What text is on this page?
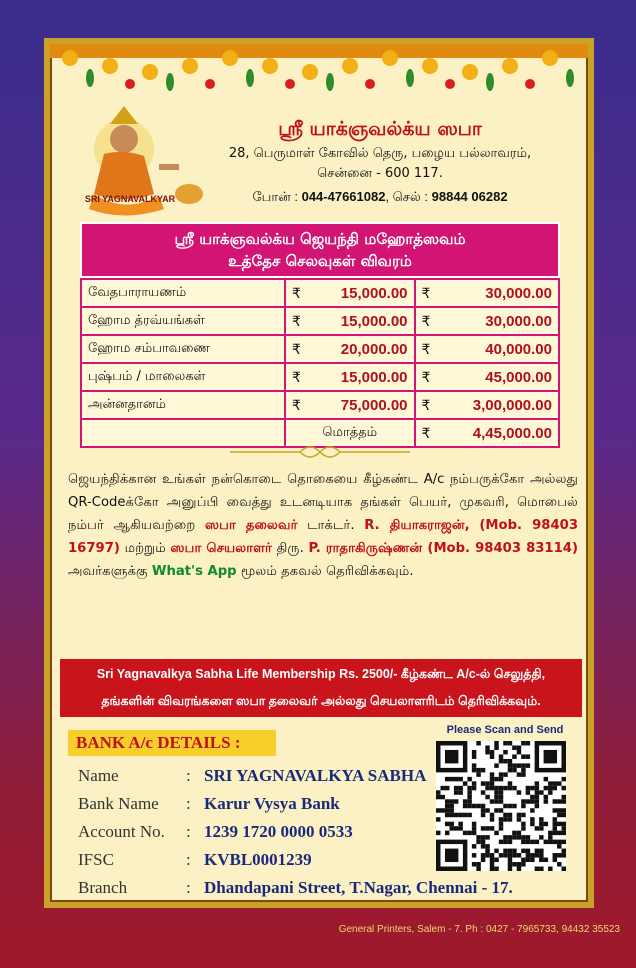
SRI YAGNAVALKYAR
ஸ்ரீ யாக்ஞவல்க்ய ஸபா
28, பெருமாள் கோவில் தெரு, பழைய பல்லாவரம்,
சென்னை - 600 117.
போன் : 044-47661082, செல் : 98844 06282
ஸ்ரீ யாக்ஞவல்க்ய ஜெயந்தி மஹோத்ஸவம்
உத்தேச செலவுகள் விவரம்
வேதபாராயணம்	₹ 15,000.00	₹ 30,000.00

ஹோம த்ரவ்யங்கள்	₹ 15,000.00	₹ 30,000.00

ஹோம சம்பாவணை	₹ 20,000.00	₹ 40,000.00

புஷ்பம் / மாலைகள்	₹ 15,000.00	₹ 45,000.00

அன்னதானம்	₹ 75,000.00	₹ 3,00,000.00

	மொத்தம்	₹ 4,45,000.00
ஜெயந்திக்கான உங்கள் நன்கொடை தொகையை கீழ்கண்ட A/c நம்பருக்கோ அல்லது QR-Codeக்கோ அனுப்பி வைத்து உடனடியாக தங்கள் பெயர், முகவரி, மொபைல் நம்பர் ஆகியவற்றை ஸபா தலைவர் டாக்டர். R. தியாகராஜன், (Mob. 98403 16797) மற்றும் ஸபா செயலாளர் திரு. P. ராதாகிருஷ்ணன் (Mob. 98403 83114) அவர்களுக்கு What's App மூலம் தகவல் தெரிவிக்கவும்.
Sri Yagnavalkya Sabha Life Membership Rs. 2500/- கீழ்கண்ட A/c-ல் செலுத்தி,
தங்களின் விவரங்களை ஸபா தலைவர் அல்லது செயலாளரிடம் தெரிவிக்கவும்.
BANK A/c DETAILS :
Please Scan and Send
Name	: SRI YAGNAVALKYA SABHA
Bank Name : Karur Vysya Bank
Account No. : 1239 1720 0000 0533
IFSC	: KVBL0001239
Branch	: Dhandapani Street, T.Nagar, Chennai - 17.
General Printers, Salem - 7. Ph : 0427 - 7965733, 94432 35523
